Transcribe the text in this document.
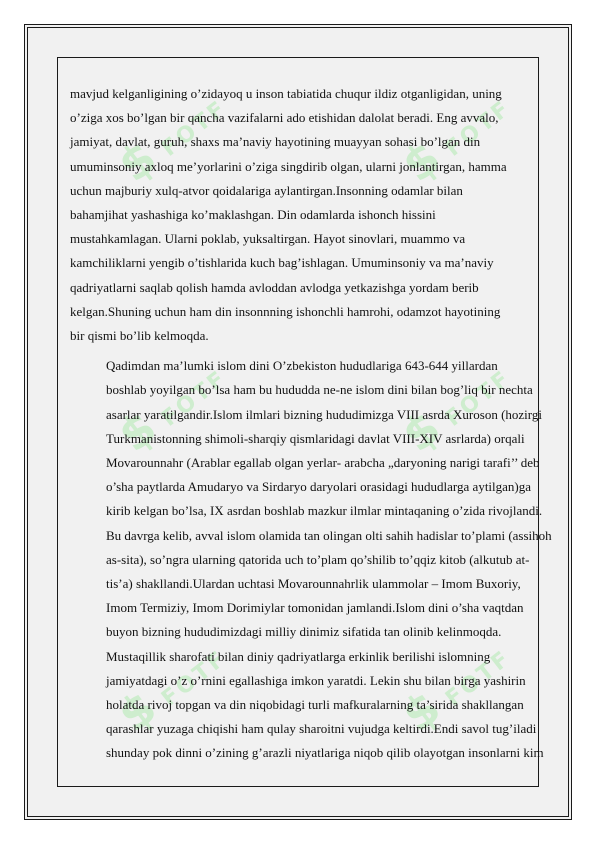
$ FOTF	$ FOTF
$ FOTF	$ FOTF
$ FOTF	$ FOTF

mavjud kelganligining o’zidayoq u inson tabiatida chuqur ildiz otganligidan, uning
o’ziga xos bo’lgan bir qancha vazifalarni ado etishidan dalolat beradi. Eng avvalo,
jamiyat, davlat, guruh, shaxs ma’naviy hayotining muayyan sohasi bo’lgan din
umuminsoniy axloq me’yorlarini o’ziga singdirib olgan, ularni jonlantirgan, hamma
uchun majburiy xulq-atvor qoidalariga aylantirgan.Insonning odamlar bilan
bahamjihat yashashiga ko’maklashgan. Din odamlarda ishonch hissini
mustahkamlagan. Ularni poklab, yuksaltirgan. Hayot sinovlari, muammo va
kamchiliklarni yengib o’tishlarida kuch bag’ishlagan. Umuminsoniy va ma’naviy
qadriyatlarni saqlab qolish hamda avloddan avlodga yetkazishga yordam berib
kelgan.Shuning uchun ham din insonnning ishonchli hamrohi, odamzot hayotining
bir qismi bo’lib kelmoqda.

Qadimdan ma’lumki islom dini O’zbekiston hududlariga 643-644 yillardan
boshlab yoyilgan bo’lsa ham bu hududda ne-ne islom dini bilan bog’liq bir nechta
asarlar yaratilgandir.Islom ilmlari bizning hududimizga VIII asrda Xuroson (hozirgi
Turkmanistonning shimoli-sharqiy qismlaridagi davlat VIII-XIV asrlarda) orqali
Movarounnahr (Arablar egallab olgan yerlar- arabcha „daryoning narigi tarafi’’ deb
o’sha paytlarda Amudaryo va Sirdaryo daryolari orasidagi hududlarga aytilgan)ga
kirib kelgan bo’lsa, IX asrdan boshlab mazkur ilmlar mintaqaning o’zida rivojlandi.
Bu davrga kelib, avval islom olamida tan olingan olti sahih hadislar to’plami (assihoh
as-sita), so’ngra ularning qatorida uch to’plam qo’shilib to’qqiz kitob (alkutub at-
tis’a) shakllandi.Ulardan uchtasi Movarounnahrlik ulammolar – Imom Buxoriy,
Imom Termiziy, Imom Dorimiylar tomonidan jamlandi.Islom dini o’sha vaqtdan
buyon bizning hududimizdagi milliy dinimiz sifatida tan olinib kelinmoqda.
Mustaqillik sharofati bilan diniy qadriyatlarga erkinlik berilishi islomning
jamiyatdagi o’z o’rnini egallashiga imkon yaratdi. Lekin shu bilan birga yashirin
holatda rivoj topgan va din niqobidagi turli mafkuralarning ta’sirida shakllangan
qarashlar yuzaga chiqishi ham qulay sharoitni vujudga keltirdi.Endi savol tug’iladi
shunday pok dinni o’zining g’arazli niyatlariga niqob qilib olayotgan insonlarni kim
